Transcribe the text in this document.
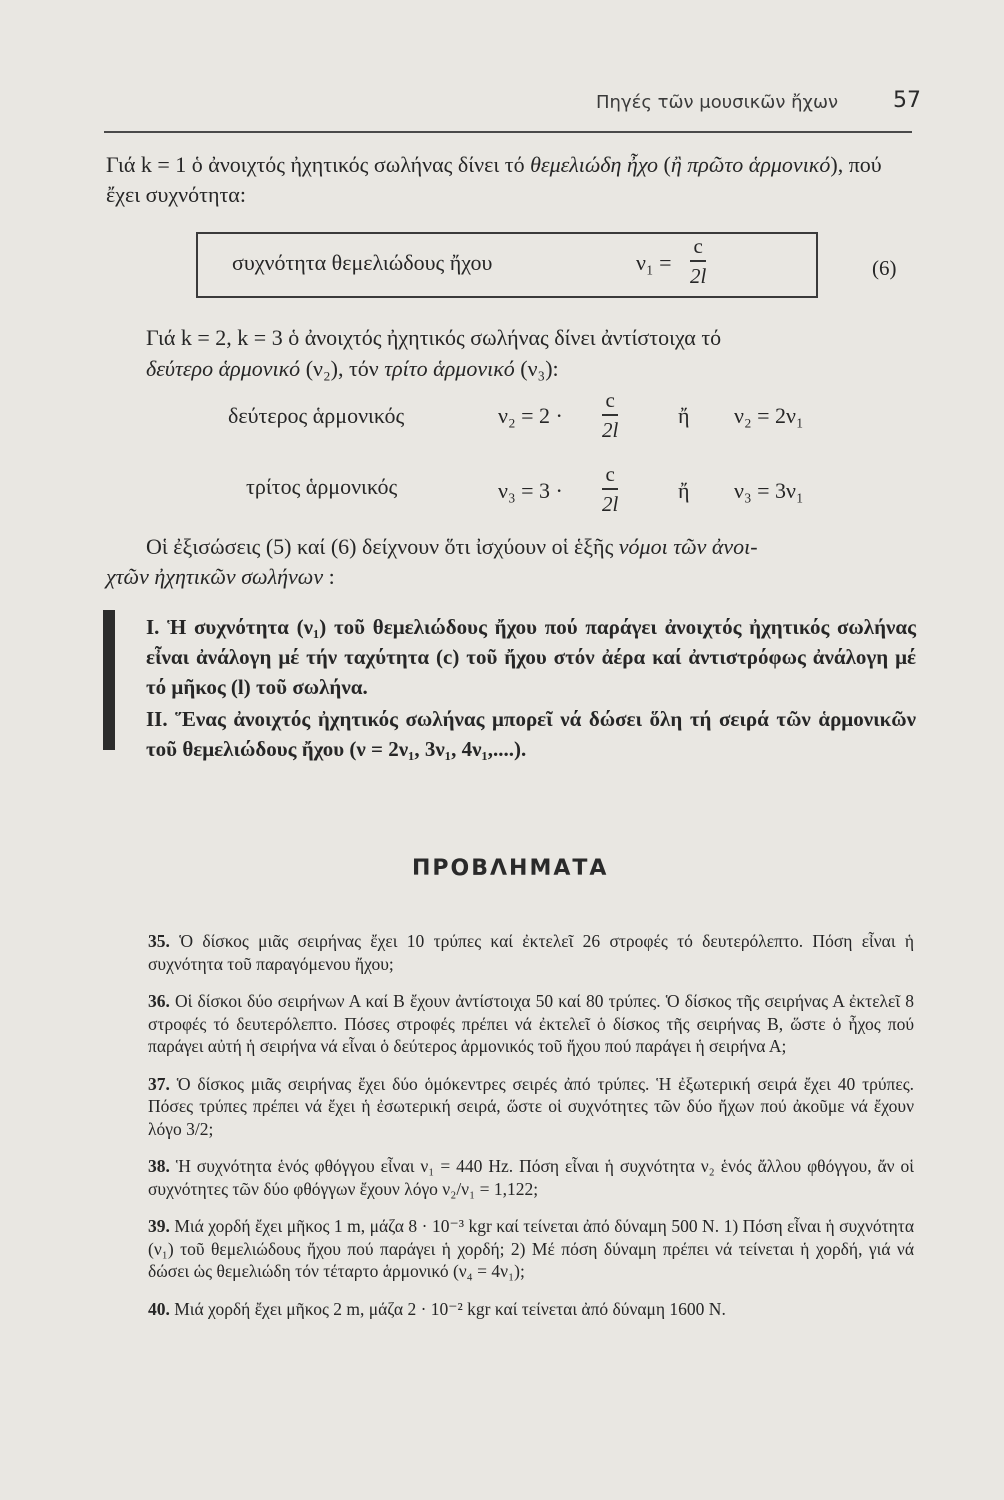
Πηγές τῶν μουσικῶν ἤχων 57
Γιά k = 1 ὁ ἀνοιχτός ἠχητικός σωλήνας δίνει τό θεμελιώδη ἦχο (ἢ πρῶτο ἁρμονικό), πού ἔχει συχνότητα:
συχνότητα θεμελιώδους ἤχου	ν₁ =
c
2l	(6)
Γιά k = 2, k = 3 ὁ ἀνοιχτός ἠχητικός σωλήνας δίνει ἀντίστοιχα τό
δεύτερο ἁρμονικό (ν₂), τόν τρίτο ἁρμονικό (ν₃):
δεύτερος ἁρμονικός	ν₂ = 2 ·
c
2l
ἤ ν₂ = 2ν₁
τρίτος ἁρμονικός	ν₃ = 3 ·
c
2l
ἤ ν₃ = 3ν₁
Οἱ ἐξισώσεις (5) καί (6) δείχνουν ὅτι ἰσχύουν οἱ ἑξῆς νόμοι τῶν ἀνοι-
χτῶν ἠχητικῶν σωλήνων :
I. Ἡ συχνότητα (ν₁) τοῦ θεμελιώδους ἤχου πού παράγει ἀνοιχτός ἠχητικός σωλήνας εἶναι ἀνάλογη μέ τήν ταχύτητα (c) τοῦ ἤχου στόν ἀέρα καί ἀντιστρόφως ἀνάλογη μέ τό μῆκος (l) τοῦ σωλήνα.
II. Ἕνας ἀνοιχτός ἠχητικός σωλήνας μπορεῖ νά δώσει ὅλη τή σειρά τῶν ἁρμονικῶν τοῦ θεμελιώδους ἤχου (ν = 2ν₁, 3ν₁, 4ν₁,....).
ΠΡΟΒΛΗΜΑΤΑ
35. Ὁ δίσκος μιᾶς σειρήνας ἔχει 10 τρύπες καί ἐκτελεῖ 26 στροφές τό δευτερόλεπτο. Πόση εἶναι ἡ συχνότητα τοῦ παραγόμενου ἤχου;
36. Οἱ δίσκοι δύο σειρήνων Α καί Β ἔχουν ἀντίστοιχα 50 καί 80 τρύπες. Ὁ δίσκος τῆς σειρήνας Α ἐκτελεῖ 8 στροφές τό δευτερόλεπτο. Πόσες στροφές πρέπει νά ἐκτελεῖ ὁ δίσκος τῆς σειρήνας Β, ὥστε ὁ ἦχος πού παράγει αὐτή ἡ σειρήνα νά εἶναι ὁ δεύτερος ἁρμονικός τοῦ ἤχου πού παράγει ἡ σειρήνα Α;
37. Ὁ δίσκος μιᾶς σειρήνας ἔχει δύο ὁμόκεντρες σειρές ἀπό τρύπες. Ἡ ἐξωτερική σειρά ἔχει 40 τρύπες. Πόσες τρύπες πρέπει νά ἔχει ἡ ἐσωτερική σειρά, ὥστε οἱ συχνότητες τῶν δύο ἤχων πού ἀκοῦμε νά ἔχουν λόγο 3/2;
38. Ἡ συχνότητα ἑνός φθόγγου εἶναι ν₁ = 440 Hz. Πόση εἶναι ἡ συχνότητα ν₂ ἑνός ἄλλου φθόγγου, ἄν οἱ συχνότητες τῶν δύο φθόγγων ἔχουν λόγο ν₂/ν₁ = 1,122;
39. Μιά χορδή ἔχει μῆκος 1 m, μάζα 8 · 10⁻³ kgr καί τείνεται ἀπό δύναμη 500 N. 1) Πόση εἶναι ἡ συχνότητα (ν₁) τοῦ θεμελιώδους ἤχου πού παράγει ἡ χορδή; 2) Μέ πόση δύναμη πρέπει νά τείνεται ἡ χορδή, γιά νά δώσει ὡς θεμελιώδη τόν τέταρτο ἁρμονικό (ν₄ = 4ν₁);
40. Μιά χορδή ἔχει μῆκος 2 m, μάζα 2 · 10⁻² kgr καί τείνεται ἀπό δύναμη 1600 N.
